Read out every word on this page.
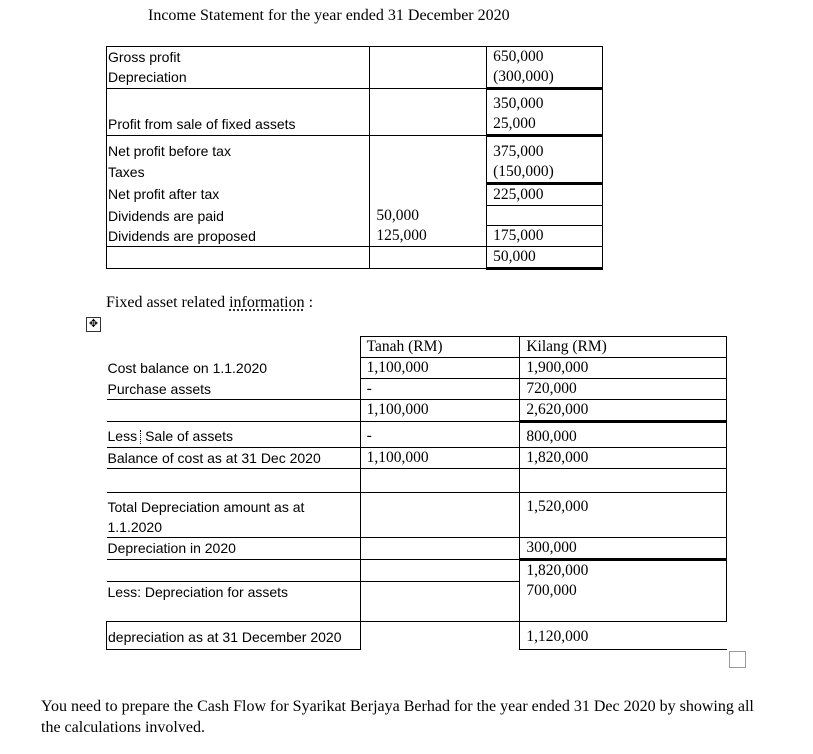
Income Statement for the year ended 31 December 2020
Gross profit		650,000
Depreciation		(300,000)
		350,000
Profit from sale of fixed assets		25,000
Net profit before tax		375,000
Taxes		(150,000)
Net profit after tax		225,000
Dividends are paid	50,000	
Dividends are proposed	125,000	175,000
		50,000
Fixed asset related information :
✥
	Tanah (RM)	Kilang (RM)
Cost balance on 1.1.2020	1,100,000	1,900,000
Purchase assets	-	720,000
	1,100,000	2,620,000
Less Sale of assets	-	800,000
Balance of cost as at 31 Dec 2020	1,100,000	1,820,000

Total Depreciation amount as at 1.1.2020		1,520,000
Depreciation in 2020		300,000
		1,820,000
Less: Depreciation for assets		700,000
depreciation as at 31 December 2020		1,120,000
You need to prepare the Cash Flow for Syarikat Berjaya Berhad for the year ended 31 Dec 2020 by showing all the calculations involved.
